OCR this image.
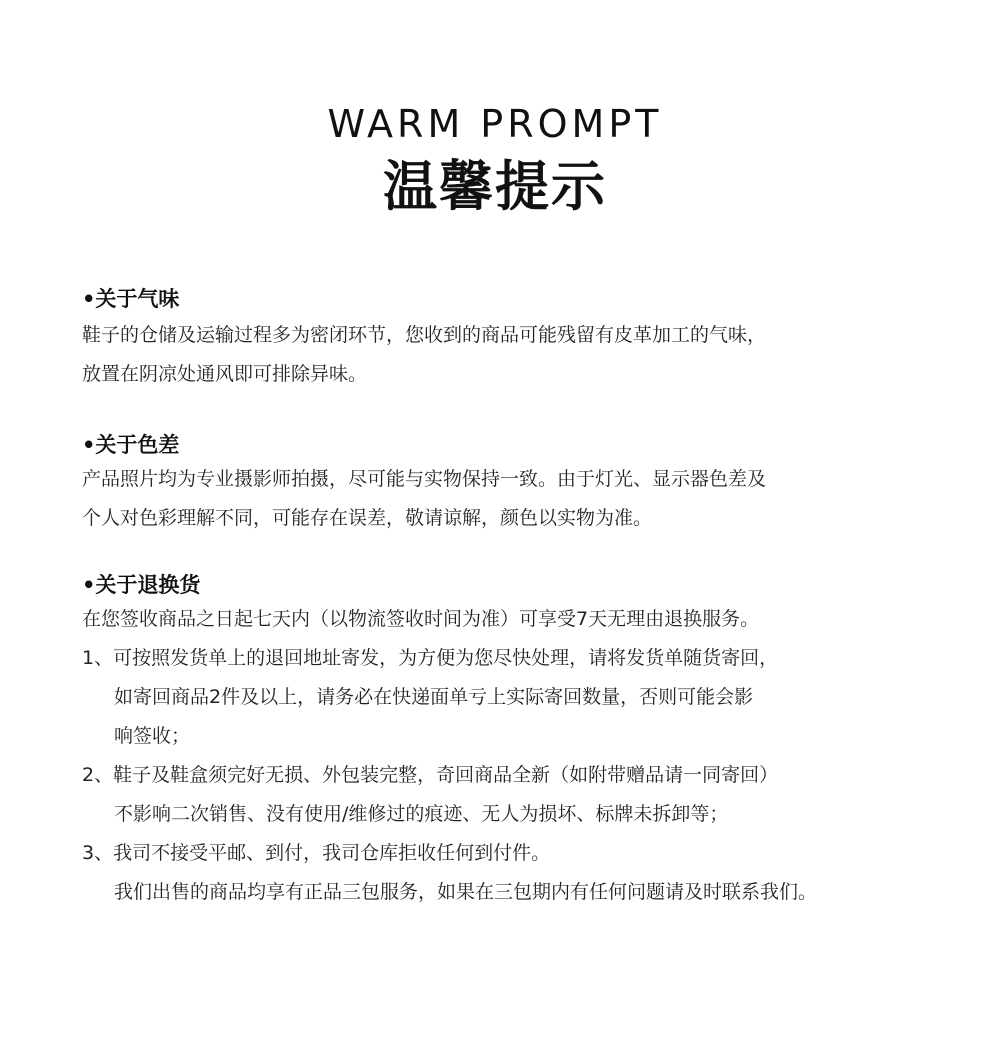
WARM PROMPT
温馨提示

•关于气味

鞋子的仓储及运输过程多为密闭环节，您收到的商品可能残留有皮革加工的气味，

放置在阴凉处通风即可排除异味。

•关于色差

产品照片均为专业摄影师拍摄，尽可能与实物保持一致。由于灯光、显示器色差及

个人对色彩理解不同，可能存在误差，敬请谅解，颜色以实物为准。

•关于退换货

在您签收商品之日起七天内（以物流签收时间为准）可享受7天无理由退换服务。

1、可按照发货单上的退回地址寄发，为方便为您尽快处理，请将发货单随货寄回，

如寄回商品2件及以上，请务必在快递面单亏上实际寄回数量，否则可能会影

响签收；

2、鞋子及鞋盒须完好无损、外包装完整，奇回商品全新（如附带赠品请一同寄回）

不影响二次销售、没有使用/维修过的痕迹、无人为损坏、标牌未拆卸等；

3、我司不接受平邮、到付，我司仓库拒收任何到付件。

我们出售的商品均享有正品三包服务，如果在三包期内有任何问题请及时联系我们。
